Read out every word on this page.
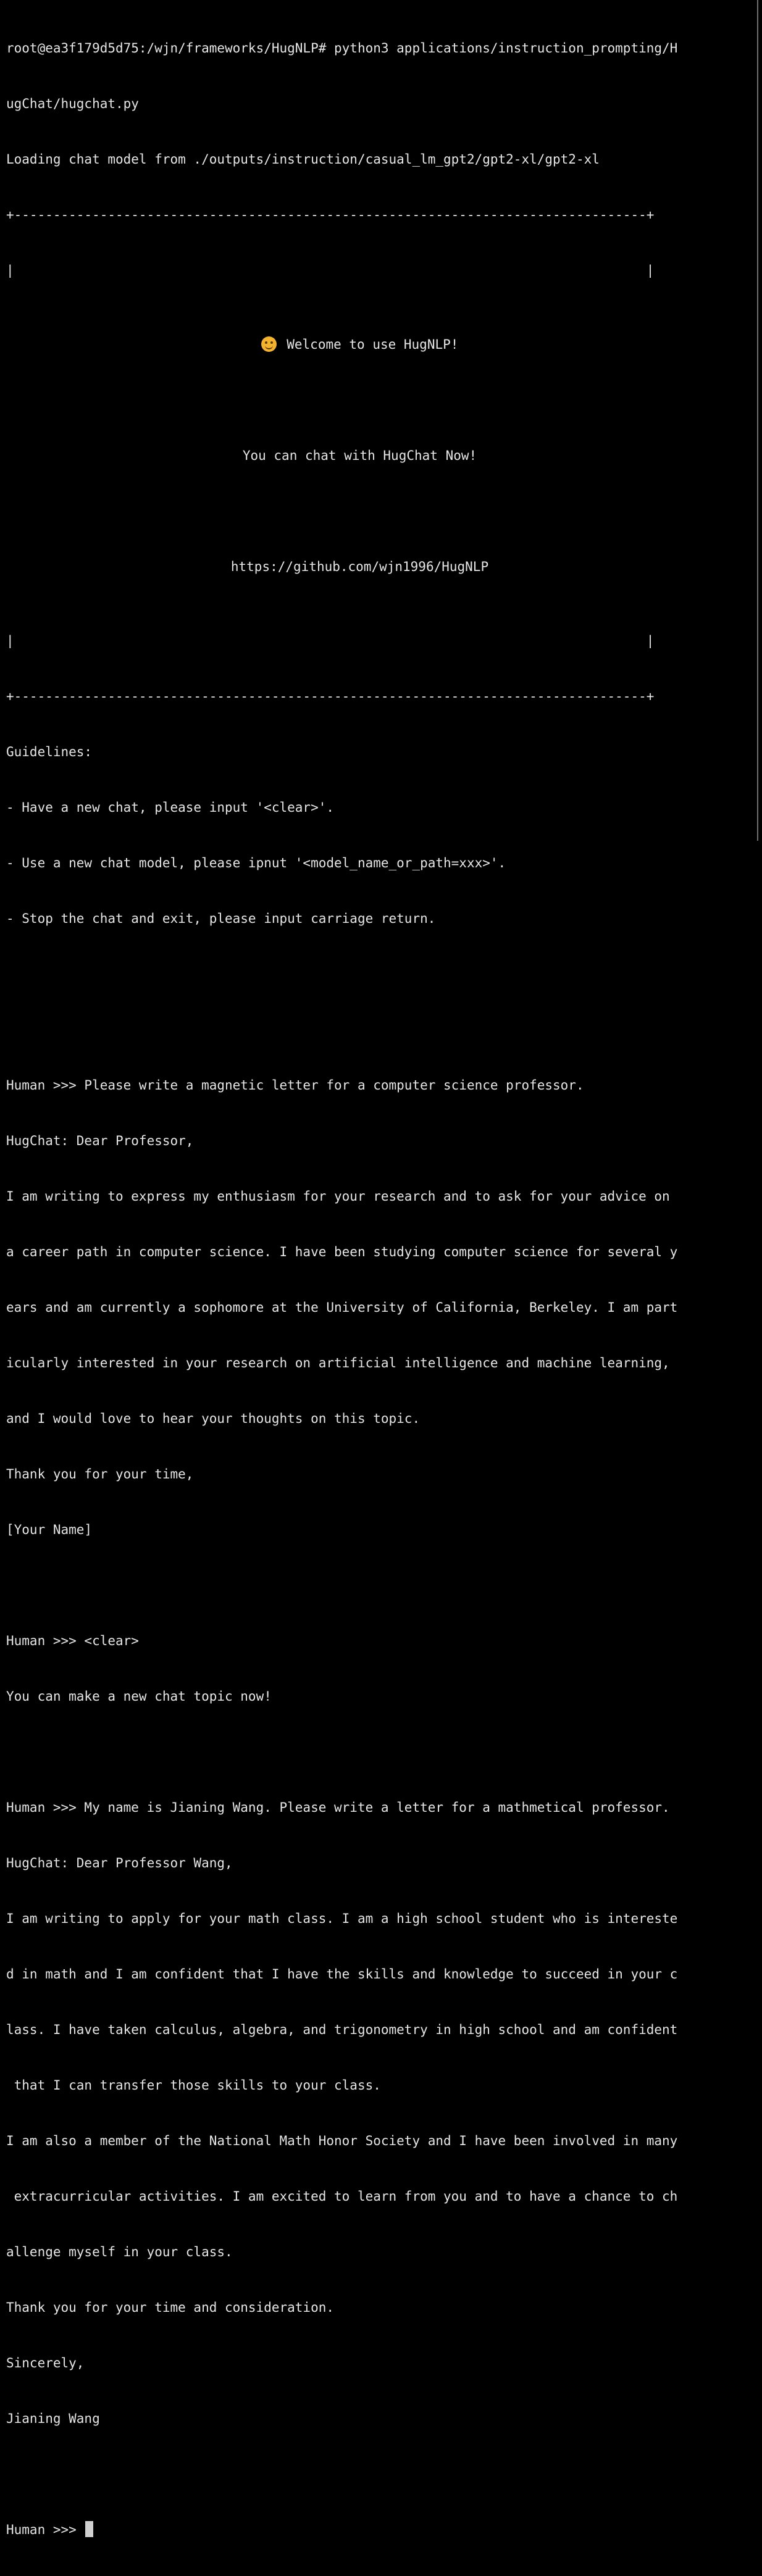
root@ea3f179d5d75:/wjn/frameworks/HugNLP# python3 applications/instruction_prompting/H

ugChat/hugchat.py

Loading chat model from ./outputs/instruction/casual_lm_gpt2/gpt2-xl/gpt2-xl

+---------------------------------------------------------------------------------+

|                                                                                 |

Welcome to use HugNLP!

You can chat with HugChat Now!

https://github.com/wjn1996/HugNLP

|                                                                                 |

+---------------------------------------------------------------------------------+

Guidelines:

- Have a new chat, please input '<clear>'.

- Use a new chat model, please ipnut '<model_name_or_path=xxx>'.

- Stop the chat and exit, please input carriage return.

Human >>> Please write a magnetic letter for a computer science professor.

HugChat: Dear Professor,

I am writing to express my enthusiasm for your research and to ask for your advice on

a career path in computer science. I have been studying computer science for several y

ears and am currently a sophomore at the University of California, Berkeley. I am part

icularly interested in your research on artificial intelligence and machine learning,

and I would love to hear your thoughts on this topic.

Thank you for your time,

[Your Name]

Human >>> <clear>

You can make a new chat topic now!

Human >>> My name is Jianing Wang. Please write a letter for a mathmetical professor.

HugChat: Dear Professor Wang,

I am writing to apply for your math class. I am a high school student who is intereste

d in math and I am confident that I have the skills and knowledge to succeed in your c

lass. I have taken calculus, algebra, and trigonometry in high school and am confident

that I can transfer those skills to your class.

I am also a member of the National Math Honor Society and I have been involved in many

extracurricular activities. I am excited to learn from you and to have a chance to ch

allenge myself in your class.

Thank you for your time and consideration.

Sincerely,

Jianing Wang

Human >>>
